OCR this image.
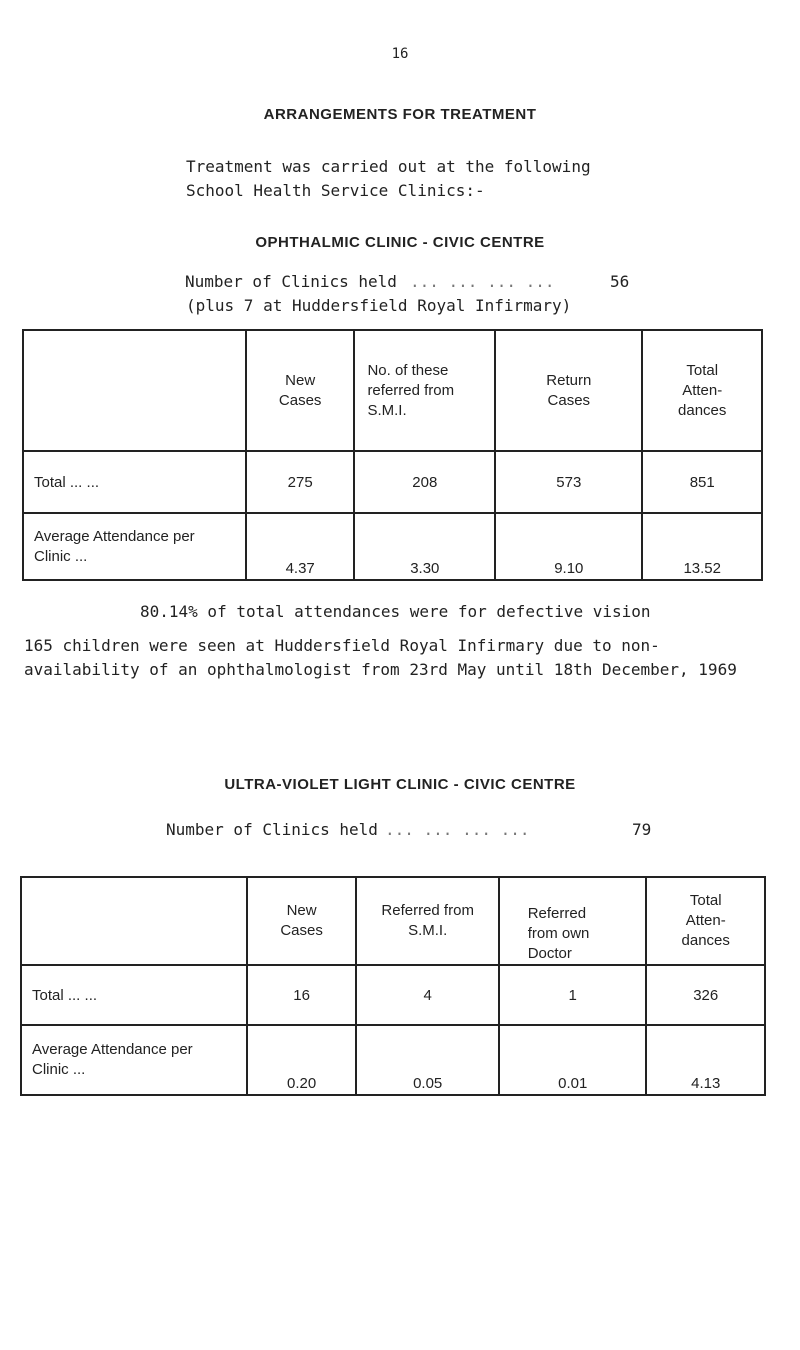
16
ARRANGEMENTS FOR TREATMENT
Treatment was carried out at the following
School Health Service Clinics:-
OPHTHALMIC CLINIC - CIVIC CENTRE
Number of Clinics held ... ... ... ...	56
(plus 7 at Huddersfield Royal Infirmary)
	New Cases	No. of these referred from S.M.I.	Return Cases	Total Atten- dances
Total ... ...	275	208	573	851
Average Attendance per Clinic ...	4.37	3.30	9.10	13.52
80.14% of total attendances were for defective vision
165 children were seen at Huddersfield Royal Infirmary due to non-
availability of an ophthalmologist from 23rd May until 18th December, 1969
ULTRA-VIOLET LIGHT CLINIC - CIVIC CENTRE
Number of Clinics held ... ... ... ...	79
	New Cases	Referred from S.M.I.	Referred from own Doctor	Total Atten- dances
Total ... ...	16	4	1	326
Average Attendance per Clinic ...	0.20	0.05	0.01	4.13
